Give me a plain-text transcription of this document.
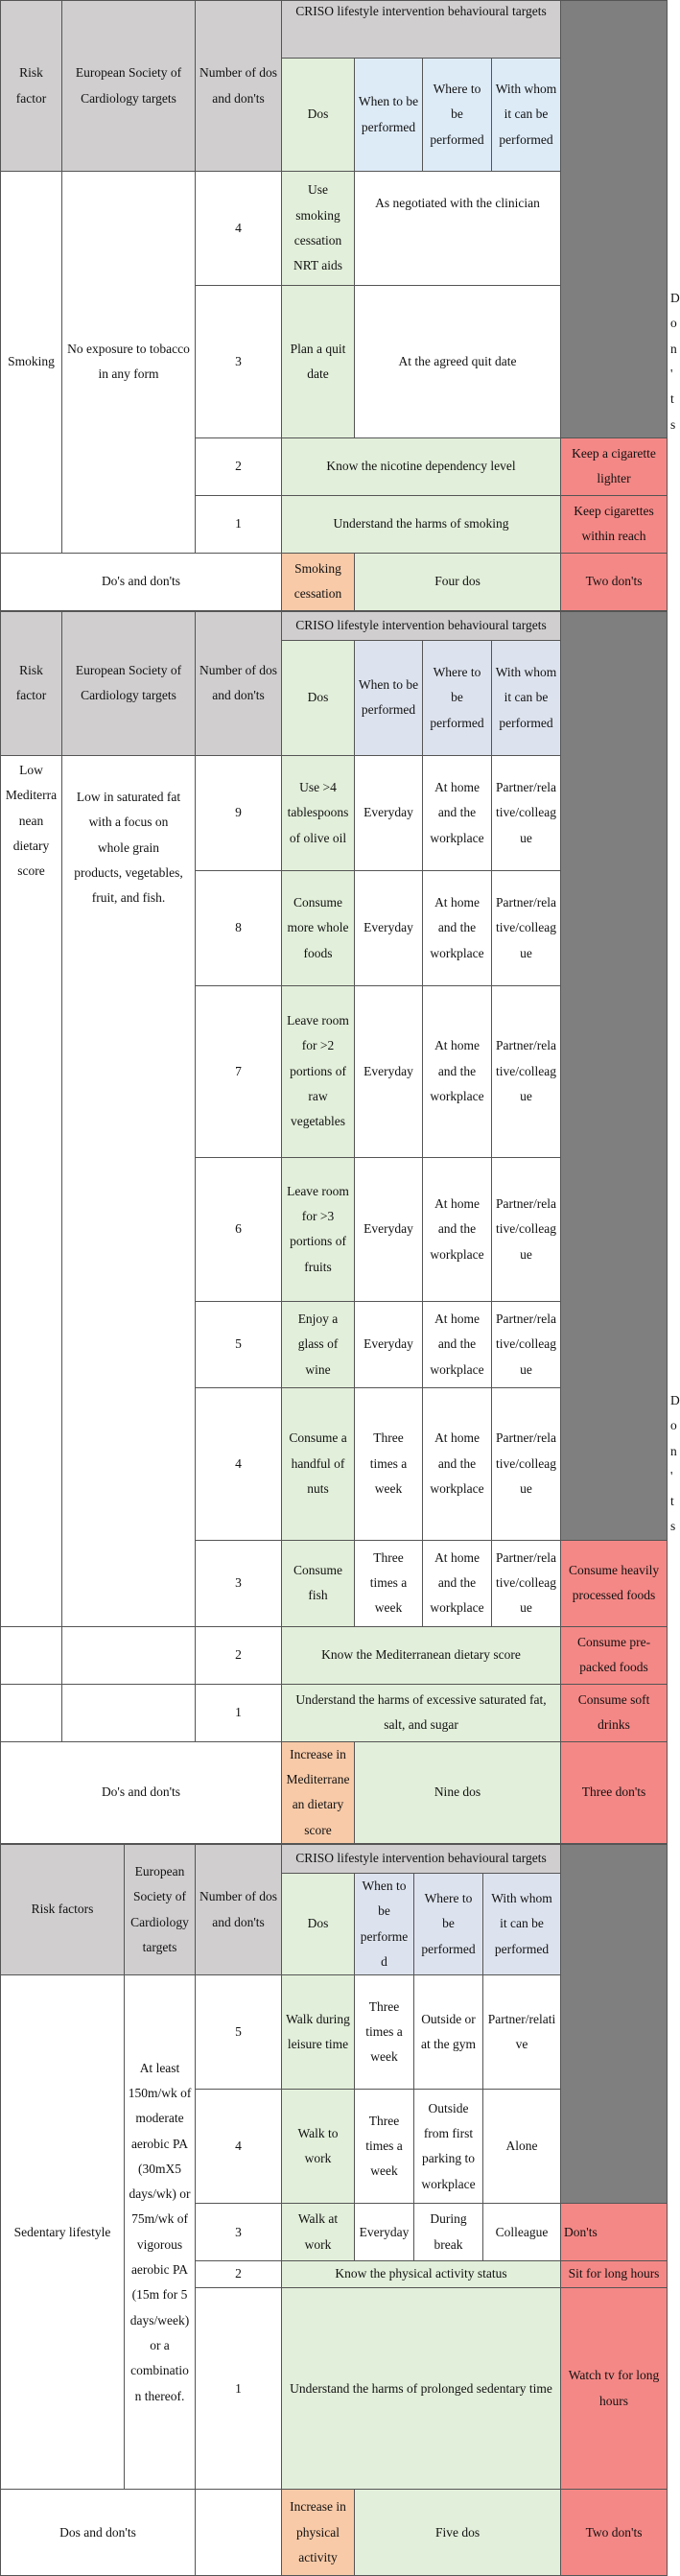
Risk factor	European Society of Cardiology targets	Number of dos and don'ts	CRISO lifestyle intervention behavioural targets					
			Dos	When to be performed	Where to be performed	With whom it can be performed		
Smoking	No exposure to tobacco in any form	4	Use smoking cessation NRT aids	As negotiated with the clinician				
		3	Plan a quit date	At the agreed quit date				Don'ts
		2	Know the nicotine dependency level				Keep a cigarette lighter	
		1	Understand the harms of smoking				Keep cigarettes within reach	
Do's and don'ts			Smoking cessation	Four dos			Two don'ts	
Risk factor	European Society of Cardiology targets	Number of dos and don'ts	CRISO lifestyle intervention behavioural targets					
			Dos	When to be performed	Where to be performed	With whom it can be performed		
Low Mediterranean dietary score	Low in saturated fat with a focus on whole grain products, vegetables, fruit, and fish.	9	Use >4 tablespoons of olive oil	Everyday	At home and the workplace	Partner/relative/colleague		
		8	Consume more whole foods	Everyday	At home and the workplace	Partner/relative/colleague		
		7	Leave room for >2 portions of raw vegetables	Everyday	At home and the workplace	Partner/relative/colleague		
		6	Leave room for >3 portions of fruits	Everyday	At home and the workplace	Partner/relative/colleague		
		5	Enjoy a glass of wine	Everyday	At home and the workplace	Partner/relative/colleague		
		4	Consume a handful of nuts	Three times a week	At home and the workplace	Partner/relative/colleague		Don'ts
		3	Consume fish	Three times a week	At home and the workplace	Partner/relative/colleague	Consume heavily processed foods	
		2	Know the Mediterranean dietary score				Consume pre-packed foods	
		1	Understand the harms of excessive saturated fat, salt, and sugar				Consume soft drinks	
Do's and don'ts			Increase in Mediterranean dietary score	Nine dos			Three don'ts	
Risk factors	European Society of Cardiology targets	Number of dos and don'ts	CRISO lifestyle intervention behavioural targets				
			Dos	When to be performed	Where to be performed	With whom it can be performed	
Sedentary lifestyle	At least 150m/wk of moderate aerobic PA (30mX5 days/wk) or 75m/wk of vigorous aerobic PA (15m for 5 days/week) or a combination thereof.	5	Walk during leisure time	Three times a week	Outside or at the gym	Partner/relative	
		4	Walk to work	Three times a week	Outside from first parking to workplace	Alone	
		3	Walk at work	Everyday	During break	Colleague	Don'ts
		2	Know the physical activity status				Sit for long hours
		1	Understand the harms of prolonged sedentary time				Watch tv for long hours
Dos and don'ts			Increase in physical activity	Five dos			Two don'ts
